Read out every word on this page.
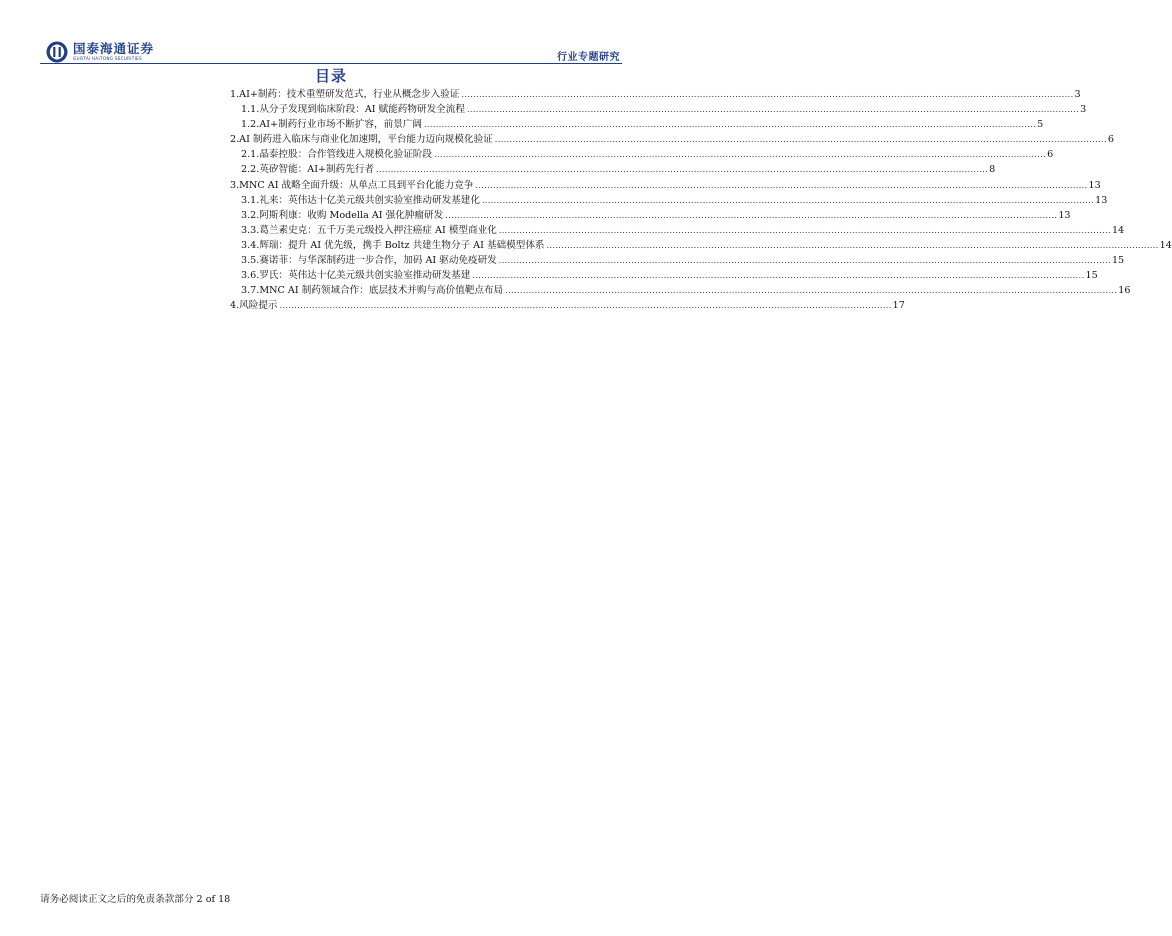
国泰海通证券
GUOTAI HAITONG SECURITIES	行业专题研究
目录
1. AI+制药：技术重塑研发范式，行业从概念步入验证 .....	3
1.1. 从分子发现到临床阶段：AI 赋能药物研发全流程 .....	3
1.2. AI+制药行业市场不断扩容，前景广阔 .....	5
2. AI 制药进入临床与商业化加速期，平台能力迈向规模化验证 .....	6
2.1. 晶泰控股：合作管线进入规模化验证阶段 .....	6
2.2. 英矽智能：AI+制药先行者 .....	8
3. MNC AI 战略全面升级：从单点工具到平台化能力竞争 .....	13
3.1. 礼来：英伟达十亿美元级共创实验室推动研发基建化 .....	13
3.2. 阿斯利康：收购 Modella AI 强化肿瘤研发 .....	13
3.3. 葛兰素史克：五千万美元级投入押注癌症 AI 模型商业化 .....	14
3.4. 辉瑞：提升 AI 优先级，携手 Boltz 共建生物分子 AI 基础模型体系 .....	14
3.5. 赛诺菲：与华深制药进一步合作，加码 AI 驱动免疫研发 .....	15
3.6. 罗氏：英伟达十亿美元级共创实验室推动研发基建 .....	15
3.7. MNC AI 制药领域合作：底层技术并购与高价值靶点布局 .....	16
4. 风险提示 .....	17
请务必阅读正文之后的免责条款部分 2 of 18
